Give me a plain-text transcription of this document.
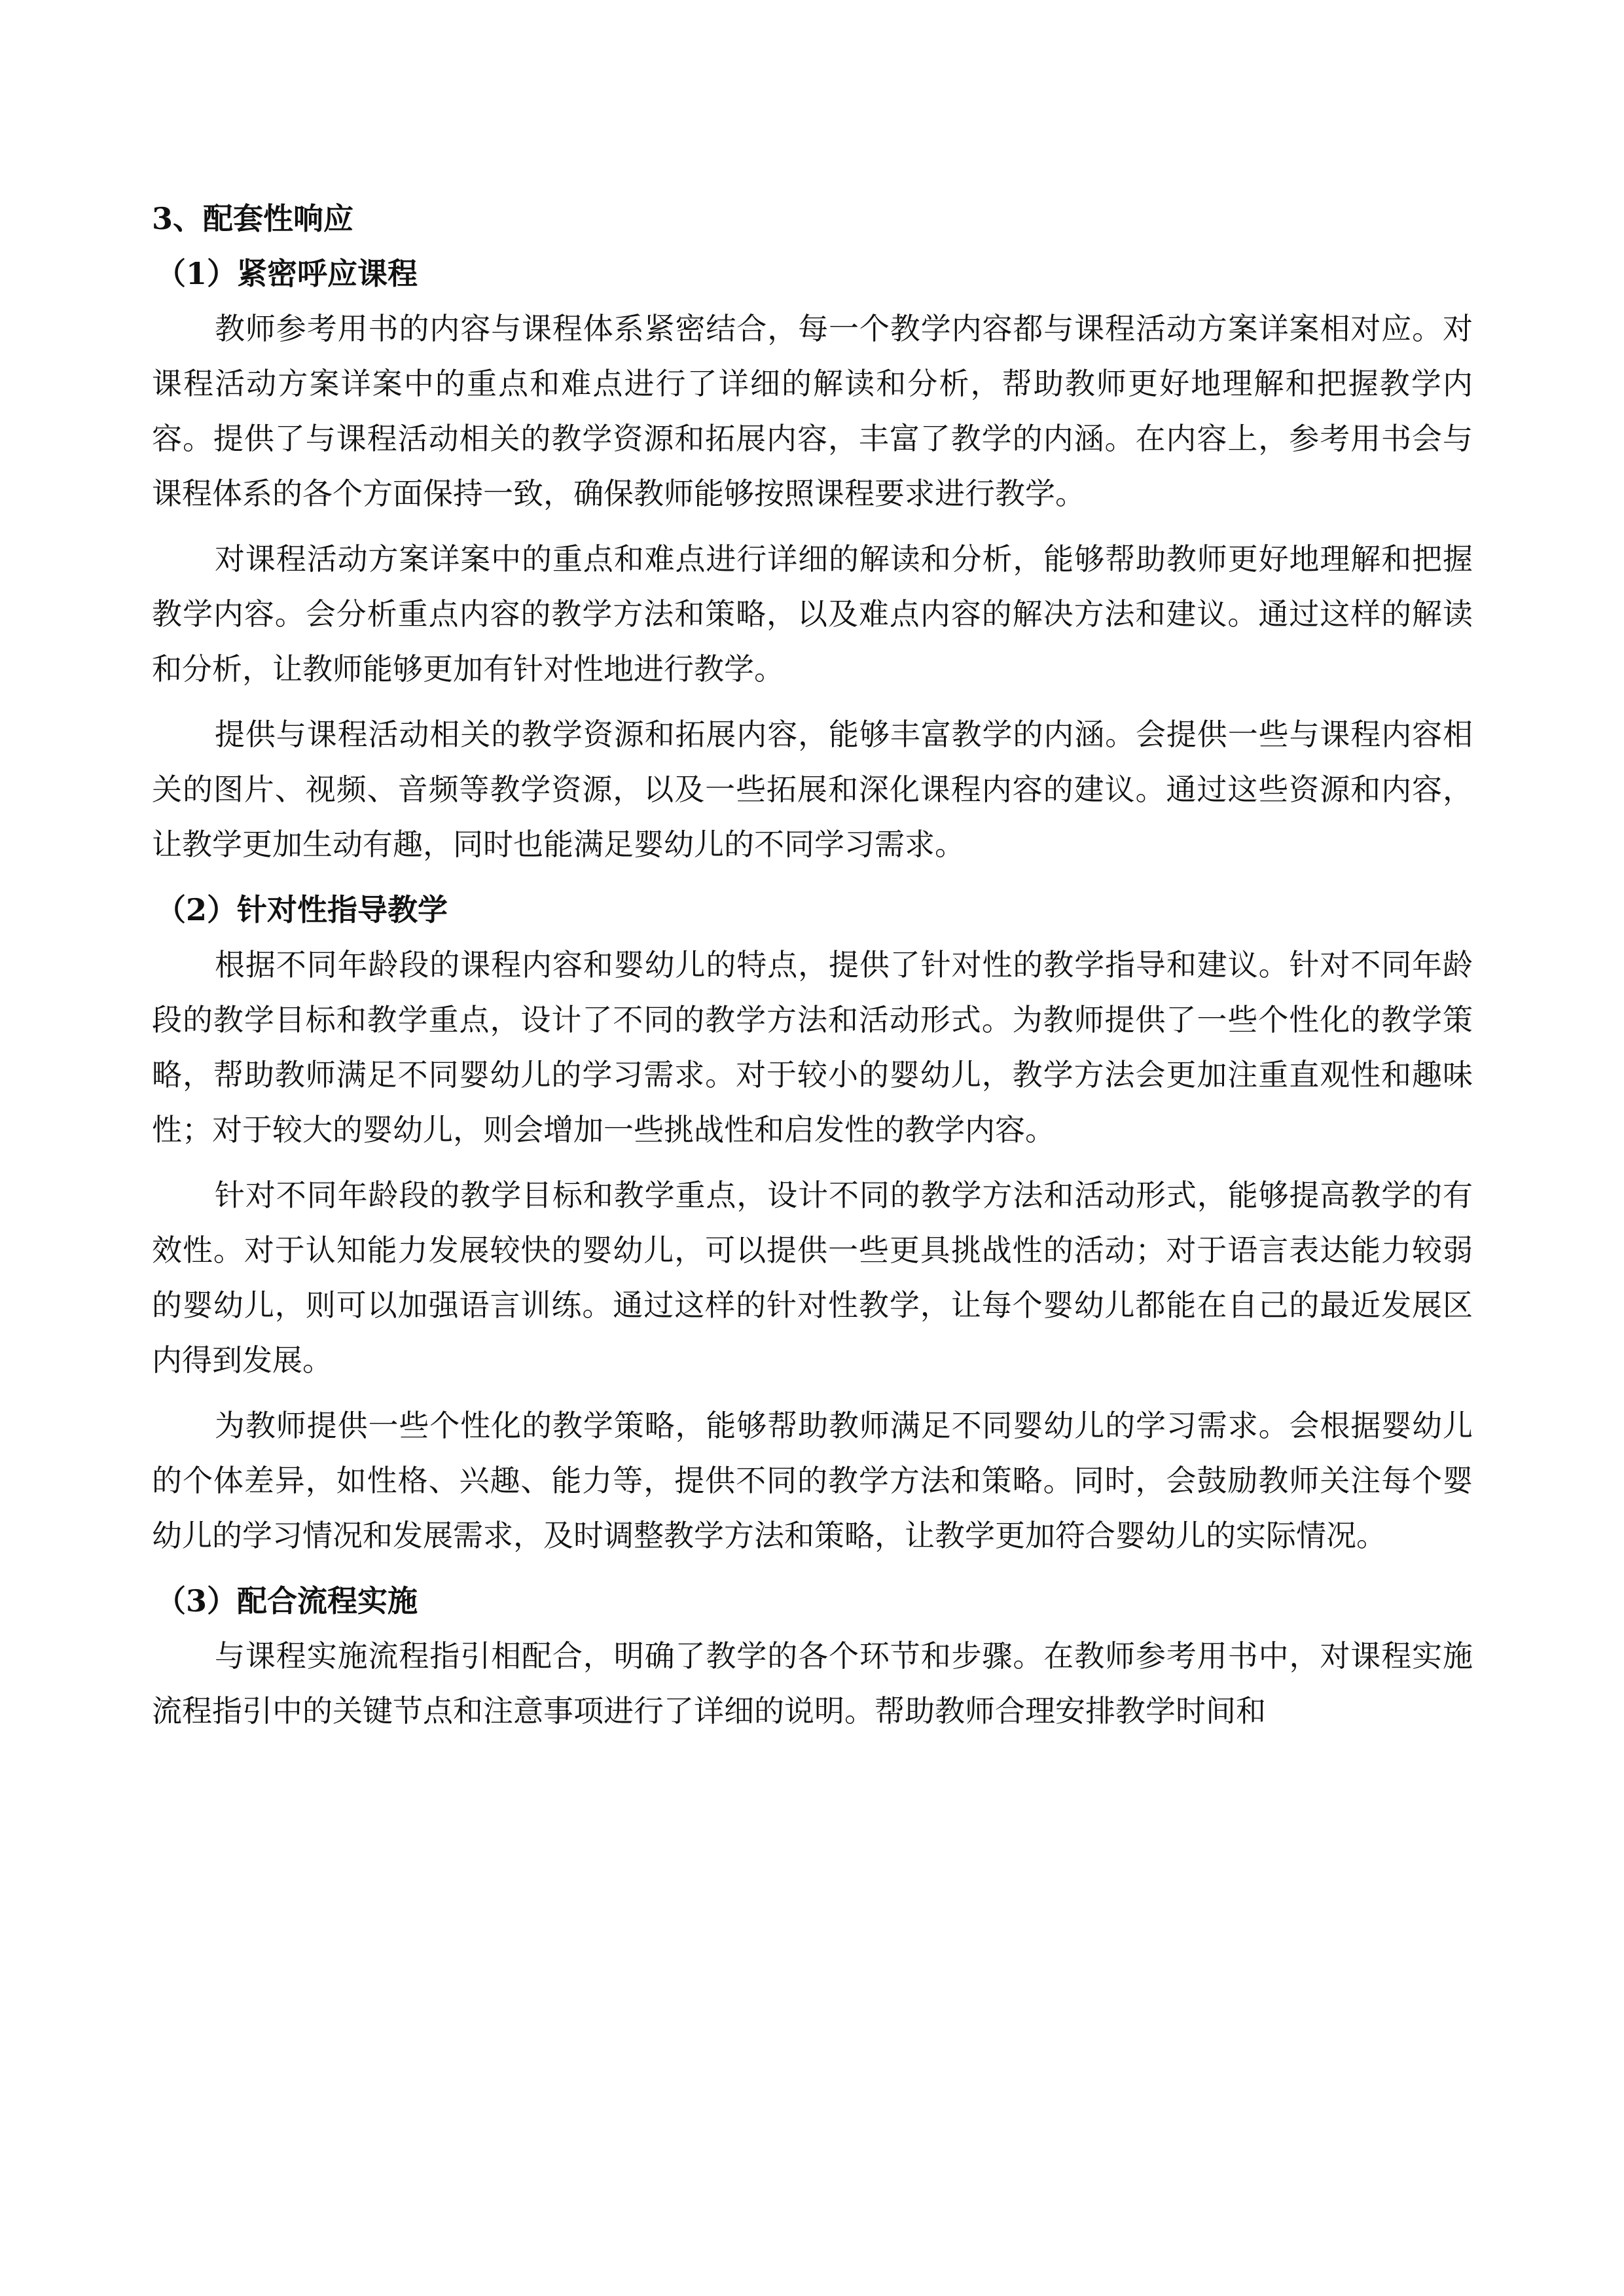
3、配套性响应
（1）紧密呼应课程

教师参考用书的内容与课程体系紧密结合，每一个教学内容都与课程活动方案详案相对应。对课程活动方案详案中的重点和难点进行了详细的解读和分析，帮助教师更好地理解和把握教学内容。提供了与课程活动相关的教学资源和拓展内容，丰富了教学的内涵。在内容上，参考用书会与课程体系的各个方面保持一致，确保教师能够按照课程要求进行教学。

对课程活动方案详案中的重点和难点进行详细的解读和分析，能够帮助教师更好地理解和把握教学内容。会分析重点内容的教学方法和策略，以及难点内容的解决方法和建议。通过这样的解读和分析，让教师能够更加有针对性地进行教学。

提供与课程活动相关的教学资源和拓展内容，能够丰富教学的内涵。会提供一些与课程内容相关的图片、视频、音频等教学资源，以及一些拓展和深化课程内容的建议。通过这些资源和内容，让教学更加生动有趣，同时也能满足婴幼儿的不同学习需求。

（2）针对性指导教学

根据不同年龄段的课程内容和婴幼儿的特点，提供了针对性的教学指导和建议。针对不同年龄段的教学目标和教学重点，设计了不同的教学方法和活动形式。为教师提供了一些个性化的教学策略，帮助教师满足不同婴幼儿的学习需求。对于较小的婴幼儿，教学方法会更加注重直观性和趣味性；对于较大的婴幼儿，则会增加一些挑战性和启发性的教学内容。

针对不同年龄段的教学目标和教学重点，设计不同的教学方法和活动形式，能够提高教学的有效性。对于认知能力发展较快的婴幼儿，可以提供一些更具挑战性的活动；对于语言表达能力较弱的婴幼儿，则可以加强语言训练。通过这样的针对性教学，让每个婴幼儿都能在自己的最近发展区内得到发展。

为教师提供一些个性化的教学策略，能够帮助教师满足不同婴幼儿的学习需求。会根据婴幼儿的个体差异，如性格、兴趣、能力等，提供不同的教学方法和策略。同时，会鼓励教师关注每个婴幼儿的学习情况和发展需求，及时调整教学方法和策略，让教学更加符合婴幼儿的实际情况。

（3）配合流程实施

与课程实施流程指引相配合，明确了教学的各个环节和步骤。在教师参考用书中，对课程实施流程指引中的关键节点和注意事项进行了详细的说明。帮助教师合理安排教学时间和
